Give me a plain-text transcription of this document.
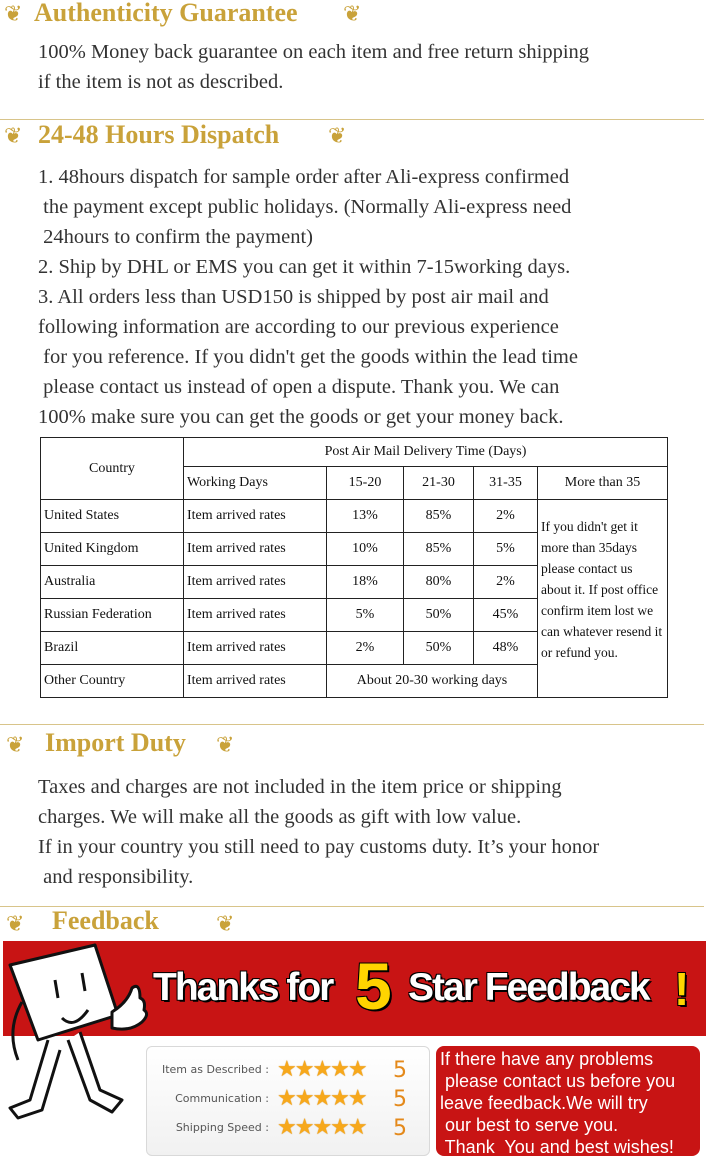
❦ Authenticity Guarantee ❦
100% Money back guarantee on each item and free return shipping
if the item is not as described.
❦ 24-48 Hours Dispatch ❦
1. 48hours dispatch for sample order after Ali-express confirmed
the payment except public holidays. (Normally Ali-express need
24hours to confirm the payment)
2. Ship by DHL or EMS you can get it within 7-15working days.
3. All orders less than USD150 is shipped by post air mail and
following information are according to our previous experience
for you reference. If you didn't get the goods within the lead time
please contact us instead of open a dispute. Thank you. We can
100% make sure you can get the goods or get your money back.
Country	Post Air Mail Delivery Time (Days)				
	Working Days	15-20	21-30	31-35	More than 35
United States	Item arrived rates	13%	85%	2%	If you didn't get it more than 35days please contact us about it. If post office confirm item lost we can whatever resend it or refund you.
United Kingdom	Item arrived rates	10%	85%	5%	
Australia	Item arrived rates	18%	80%	2%	
Russian Federation	Item arrived rates	5%	50%	45%	
Brazil	Item arrived rates	2%	50%	48%	
Other Country	Item arrived rates	About 20-30 working days			
❦ Import Duty ❦
Taxes and charges are not included in the item price or shipping
charges. We will make all the goods as gift with low value.
If in your country you still need to pay customs duty. It’s your honor
and responsibility.
❦ Feedback	❦
Thanks for 5 Star Feedback !
Item as Described : ★★★★★ 5
Communication : ★★★★★ 5
Shipping Speed : ★★★★★ 5
If there have any problems
please contact us before you
leave feedback.We will try
our best to serve you.
Thank  You and best wishes!
